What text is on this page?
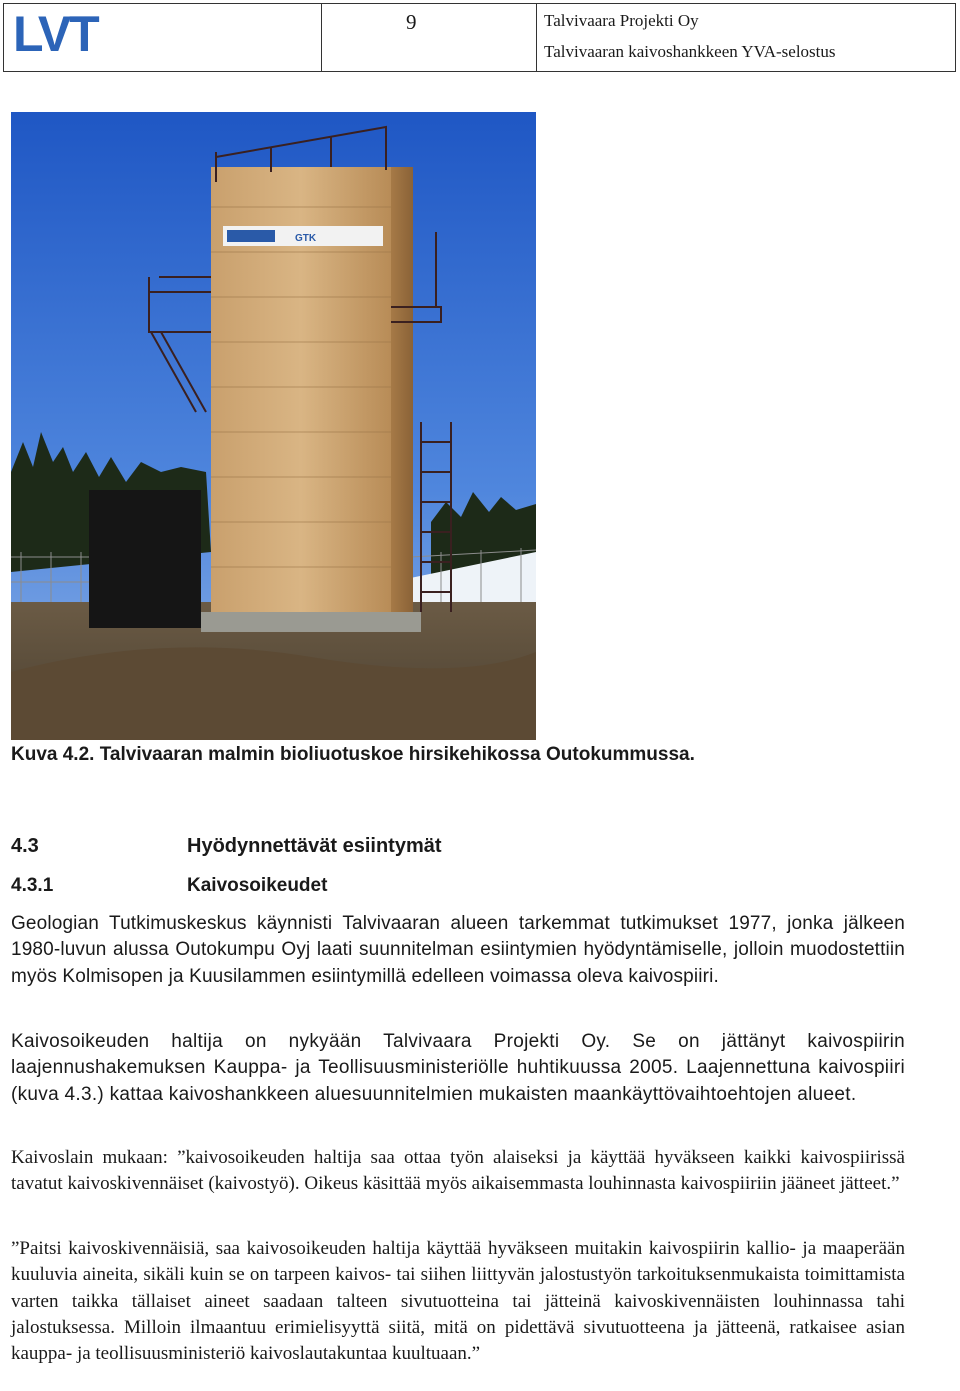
LVT	9	Talvivaara Projekti Oy
Talvivaaran kaivoshankkeen YVA-selostus
GTK
Kuva 4.2. Talvivaaran malmin bioliuotuskoe hirsikehikossa Outokummussa.
4.3	Hyödynnettävät esiintymät
4.3.1	Kaivosoikeudet
Geologian Tutkimuskeskus käynnisti Talvivaaran alueen tarkemmat tutkimukset 1977, jonka jälkeen 1980-luvun alussa Outokumpu Oyj laati suunnitelman esiintymien hyödyntämiselle, jolloin muodostettiin myös Kolmisopen ja Kuusilammen esiintymillä edelleen voimassa oleva kaivospiiri.
Kaivosoikeuden haltija on nykyään Talvivaara Projekti Oy. Se on jättänyt kaivospiirin laajennushakemuksen Kauppa- ja Teollisuusministeriölle huhtikuussa 2005. Laajennettuna kaivospiiri (kuva 4.3.) kattaa kaivoshankkeen aluesuunnitelmien mukaisten maankäyttövaihtoehtojen alueet.
Kaivoslain mukaan: ”kaivosoikeuden haltija saa ottaa työn alaiseksi ja käyttää hyväkseen kaikki kaivospiirissä tavatut kaivoskivennäiset (kaivostyö). Oikeus käsittää myös aikaisemmasta louhinnasta kaivospiiriin jääneet jätteet.”
”Paitsi kaivoskivennäisiä, saa kaivosoikeuden haltija käyttää hyväkseen muitakin kaivospiirin kallio- ja maaperään kuuluvia aineita, sikäli kuin se on tarpeen kaivos- tai siihen liittyvän jalostustyön tarkoituksenmukaista toimittamista varten taikka tällaiset aineet saadaan talteen sivutuotteina tai jätteinä kaivoskivennäisten louhinnassa tahi jalostuksessa. Milloin ilmaantuu erimielisyyttä siitä, mitä on pidettävä sivutuotteena ja jätteenä, ratkaisee asian kauppa- ja teollisuusministeriö kaivoslautakuntaa kuultuaan.”
